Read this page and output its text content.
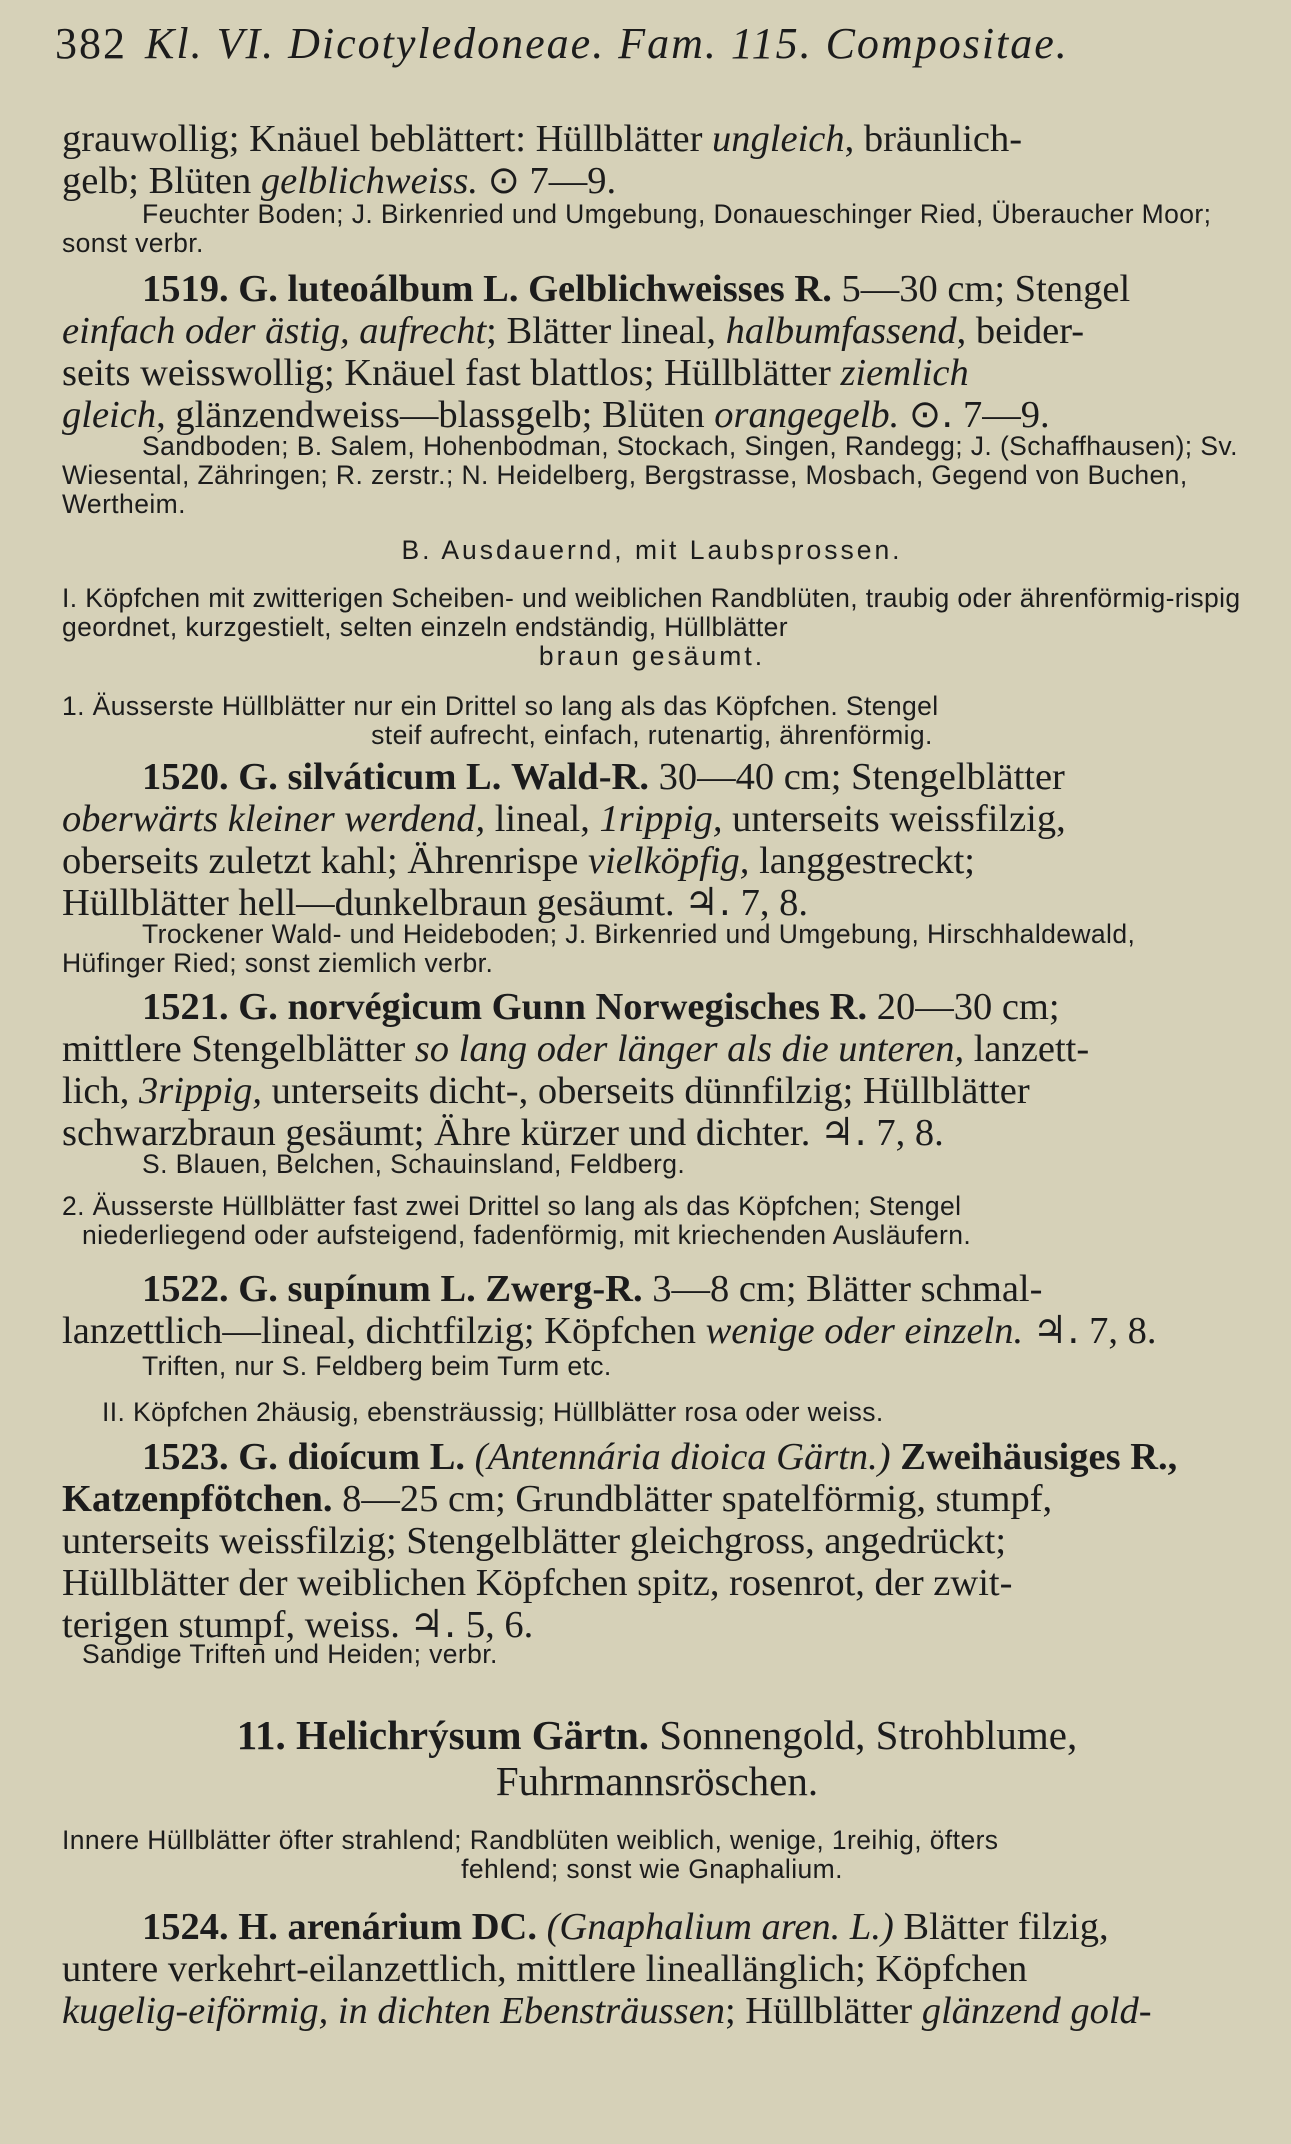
382 Kl. VI. Dicotyledoneae. Fam. 115. Compositae.
grauwollig; Knäuel beblättert: Hüllblätter ungleich, bräunlich-
gelb; Blüten gelblichweiss. ⊙ 7—9.
Feuchter Boden; J. Birkenried und Umgebung, Donaueschinger Ried, Überaucher Moor; sonst verbr.
1519. G. luteoálbum L. Gelblichweisses R. 5—30 cm; Stengel
einfach oder ästig, aufrecht; Blätter lineal, halbumfassend, beider-
seits weisswollig; Knäuel fast blattlos; Hüllblätter ziemlich
gleich, glänzendweiss—blassgelb; Blüten orangegelb. ⊙. 7—9.
Sandboden; B. Salem, Hohenbodman, Stockach, Singen, Randegg; J. (Schaffhausen); Sv. Wiesental, Zähringen; R. zerstr.; N. Heidelberg, Bergstrasse, Mosbach, Gegend von Buchen, Wertheim.
B. Ausdauernd, mit Laubsprossen.
I. Köpfchen mit zwitterigen Scheiben- und weiblichen Randblüten, traubig oder ährenförmig-rispig geordnet, kurzgestielt, selten einzeln endständig, Hüllblätter
braun gesäumt.
1. Äusserste Hüllblätter nur ein Drittel so lang als das Köpfchen. Stengel
steif aufrecht, einfach, rutenartig, ährenförmig.
1520. G. silváticum L. Wald-R. 30—40 cm; Stengelblätter
oberwärts kleiner werdend, lineal, 1rippig, unterseits weissfilzig,
oberseits zuletzt kahl; Ährenrispe vielköpfig, langgestreckt;
Hüllblätter hell—dunkelbraun gesäumt. ♃. 7, 8.
Trockener Wald- und Heideboden; J. Birkenried und Umgebung, Hirschhaldewald, Hüfinger Ried; sonst ziemlich verbr.
1521. G. norvégicum Gunn Norwegisches R. 20—30 cm;
mittlere Stengelblätter so lang oder länger als die unteren, lanzett-
lich, 3rippig, unterseits dicht-, oberseits dünnfilzig; Hüllblätter
schwarzbraun gesäumt; Ähre kürzer und dichter. ♃. 7, 8.
S. Blauen, Belchen, Schauinsland, Feldberg.
2. Äusserste Hüllblätter fast zwei Drittel so lang als das Köpfchen; Stengel
niederliegend oder aufsteigend, fadenförmig, mit kriechenden Ausläufern.
1522. G. supínum L. Zwerg-R. 3—8 cm; Blätter schmal-
lanzettlich—lineal, dichtfilzig; Köpfchen wenige oder einzeln. ♃. 7, 8.
Triften, nur S. Feldberg beim Turm etc.
II. Köpfchen 2häusig, ebensträussig; Hüllblätter rosa oder weiss.
1523. G. dioícum L. (Antennária dioica Gärtn.) Zweihäusiges R.,
Katzenpfötchen. 8—25 cm; Grundblätter spatelförmig, stumpf,
unterseits weissfilzig; Stengelblätter gleichgross, angedrückt;
Hüllblätter der weiblichen Köpfchen spitz, rosenrot, der zwit-
terigen stumpf, weiss. ♃. 5, 6.
Sandige Triften und Heiden; verbr.
11. Helichrýsum Gärtn. Sonnengold, Strohblume,
Fuhrmannsröschen.
Innere Hüllblätter öfter strahlend; Randblüten weiblich, wenige, 1reihig, öfters
fehlend; sonst wie Gnaphalium.
1524. H. arenárium DC. (Gnaphalium aren. L.) Blätter filzig,
untere verkehrt-eilanzettlich, mittlere lineallänglich; Köpfchen
kugelig-eiförmig, in dichten Ebensträussen; Hüllblätter glänzend gold-
